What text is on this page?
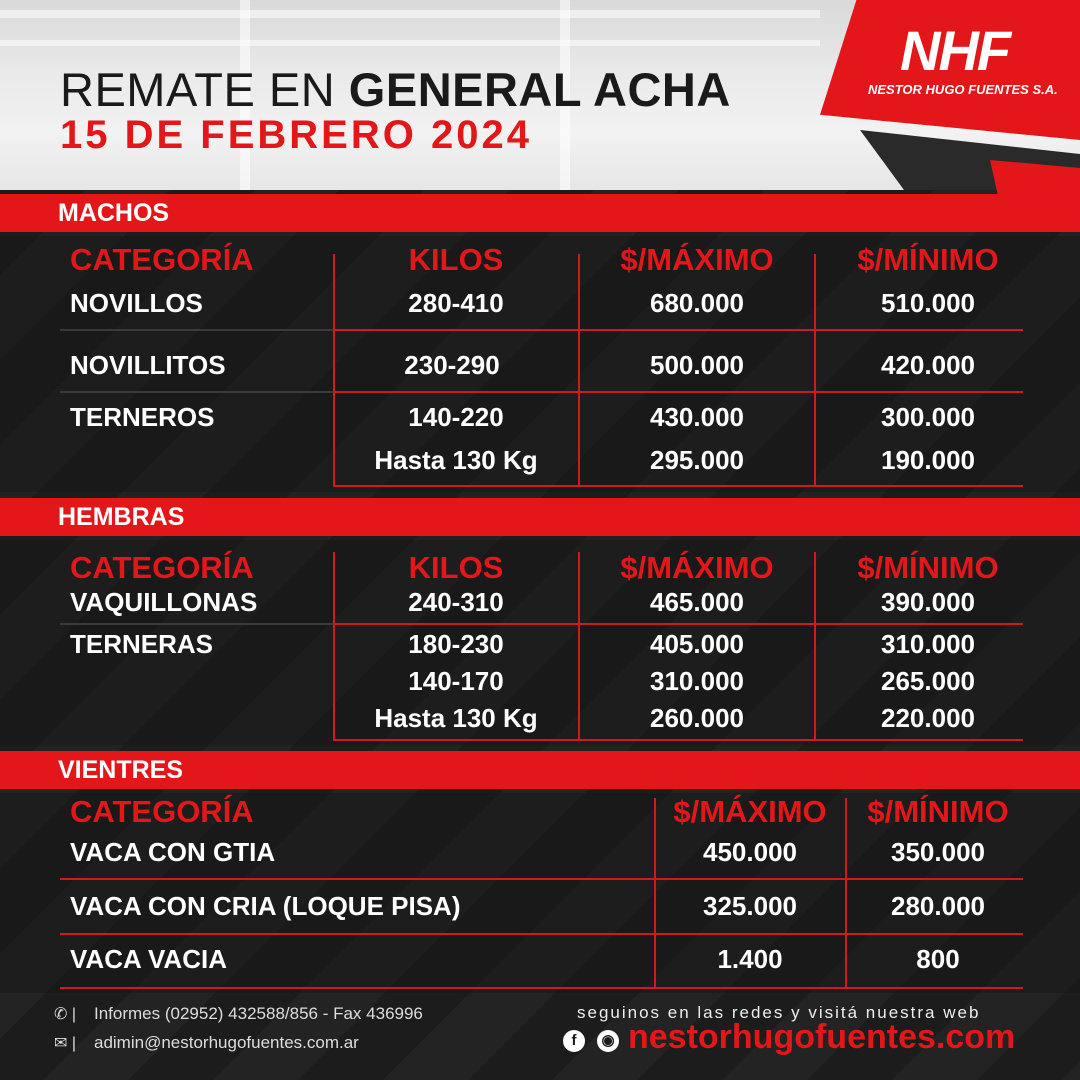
REMATE EN GENERAL ACHA
15 DE FEBRERO 2024
NHF
NESTOR HUGO FUENTES S.A.
MACHOS
CATEGORÍA	KILOS	$/MÁXIMO	$/MÍNIMO
NOVILLOS	280-410	680.000	510.000
NOVILLITOS	230-290	500.000	420.000
TERNEROS	140-220	430.000	300.000
Hasta 130 Kg	295.000	190.000
HEMBRAS
CATEGORÍA	KILOS	$/MÁXIMO	$/MÍNIMO
VAQUILLONAS	240-310	465.000	390.000
TERNERAS	180-230	405.000	310.000
140-170	310.000	265.000
Hasta 130 Kg	260.000	220.000
VIENTRES
CATEGORÍA	$/MÁXIMO $/MÍNIMO
VACA CON GTIA	450.000	350.000
VACA CON CRIA (LOQUE PISA)	325.000	280.000
VACA VACIA	1.400	800
✆ | Informes (02952) 432588/856 - Fax 436996
✉ | adimin@nestorhugofuentes.com.ar
seguinos en las redes y visitá nuestra web
f	◉ nestorhugofuentes.com
